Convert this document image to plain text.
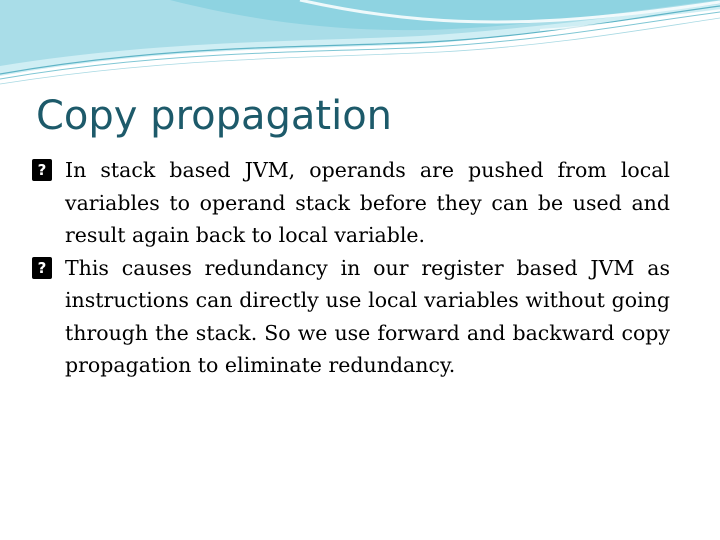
Copy propagation
? In stack based JVM, operands are pushed from local variables to operand stack before they can be used and result again back to local variable.
? This causes redundancy in our register based JVM as instructions can directly use local variables without going through the stack. So we use forward and backward copy propagation to eliminate redundancy.
